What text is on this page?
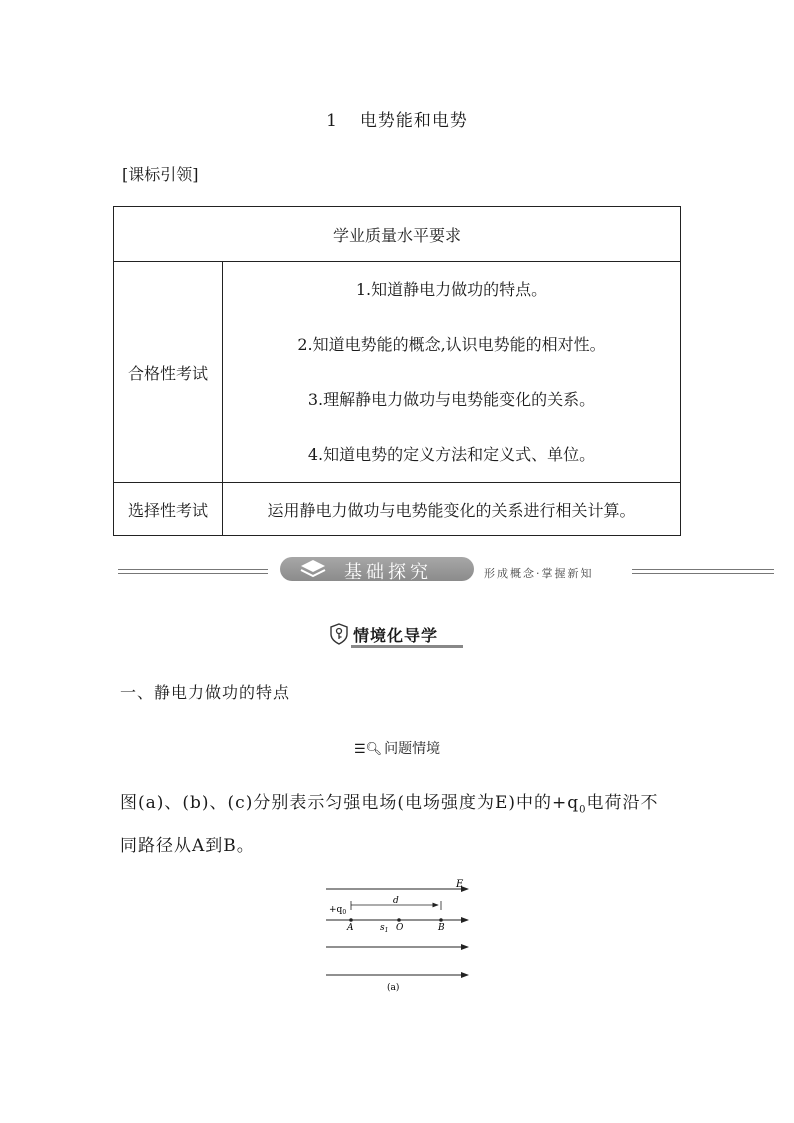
1 电势能和电势
[课标引领]
学业质量水平要求	
合格性考试	1.知道静电力做功的特点。
2.知道电势能的概念,认识电势能的相对性。
3.理解静电力做功与电势能变化的关系。
4.知道电势的定义方法和定义式、单位。

选择性考试	运用静电力做功与电势能变化的关系进行相关计算。
基础探究	形成概念·掌握新知
情境化导学
一、静电力做功的特点
☰🔍︎ 问题情境
图(a)、(b)、(c)分别表示匀强电场(电场强度为E)中的$+q_0$电荷沿不
同路径从A到B。
E
d
$+q_0$
A	$s_1$ O	B
(a)
